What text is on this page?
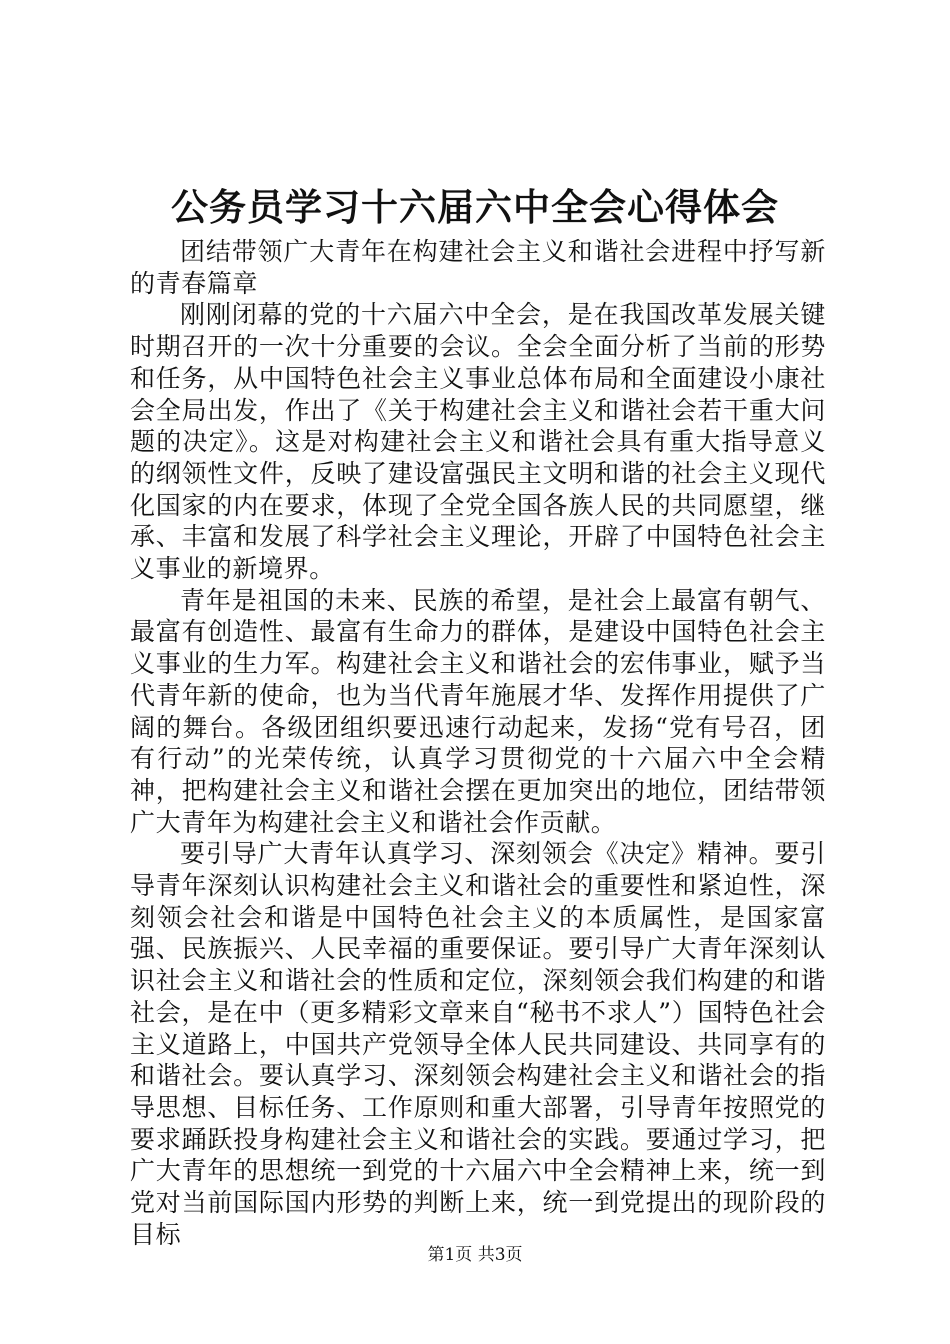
公务员学习十六届六中全会心得体会

团结带领广大青年在构建社会主义和谐社会进程中抒写新的青春篇章

刚刚闭幕的党的十六届六中全会，是在我国改革发展关键时期召开的一次十分重要的会议。全会全面分析了当前的形势和任务，从中国特色社会主义事业总体布局和全面建设小康社会全局出发，作出了《关于构建社会主义和谐社会若干重大问题的决定》。这是对构建社会主义和谐社会具有重大指导意义的纲领性文件，反映了建设富强民主文明和谐的社会主义现代化国家的内在要求，体现了全党全国各族人民的共同愿望，继承、丰富和发展了科学社会主义理论，开辟了中国特色社会主义事业的新境界。

青年是祖国的未来、民族的希望，是社会上最富有朝气、最富有创造性、最富有生命力的群体，是建设中国特色社会主义事业的生力军。构建社会主义和谐社会的宏伟事业，赋予当代青年新的使命，也为当代青年施展才华、发挥作用提供了广阔的舞台。各级团组织要迅速行动起来，发扬“党有号召，团有行动”的光荣传统，认真学习贯彻党的十六届六中全会精神，把构建社会主义和谐社会摆在更加突出的地位，团结带领广大青年为构建社会主义和谐社会作贡献。

要引导广大青年认真学习、深刻领会《决定》精神。要引导青年深刻认识构建社会主义和谐社会的重要性和紧迫性，深刻领会社会和谐是中国特色社会主义的本质属性，是国家富强、民族振兴、人民幸福的重要保证。要引导广大青年深刻认识社会主义和谐社会的性质和定位，深刻领会我们构建的和谐社会，是在中（更多精彩文章来自“秘书不求人”）国特色社会主义道路上，中国共产党领导全体人民共同建设、共同享有的和谐社会。要认真学习、深刻领会构建社会主义和谐社会的指导思想、目标任务、工作原则和重大部署，引导青年按照党的要求踊跃投身构建社会主义和谐社会的实践。要通过学习，把广大青年的思想统一到党的十六届六中全会精神上来，统一到党对当前国际国内形势的判断上来，统一到党提出的现阶段的目标

第1页 共3页
